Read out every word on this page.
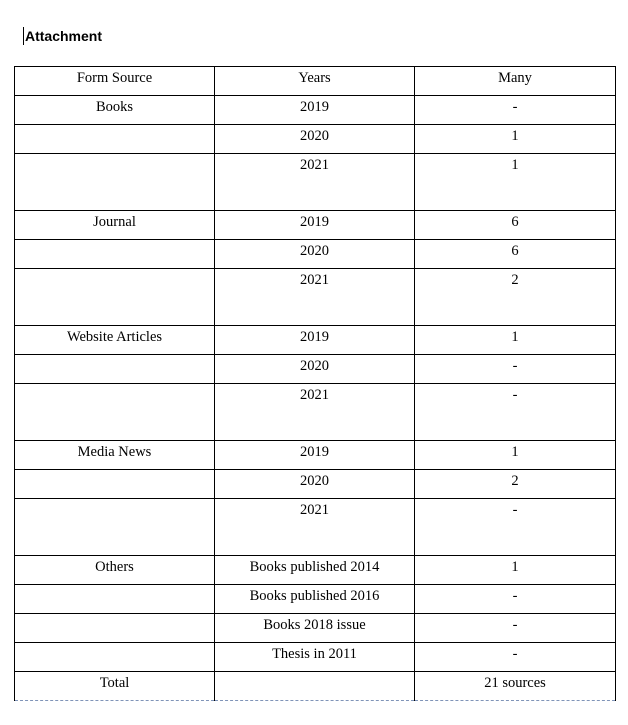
Attachment
Form Source	Years	Many
Books	2019	-
	2020	1
	2021	1
Journal	2019	6
	2020	6
	2021	2
Website Articles	2019	1
	2020	-
	2021	-
Media News	2019	1
	2020	2
	2021	-
Others	Books published 2014	1
	Books published 2016	-
	Books 2018 issue	-
	Thesis in 2011	-
Total		21 sources
